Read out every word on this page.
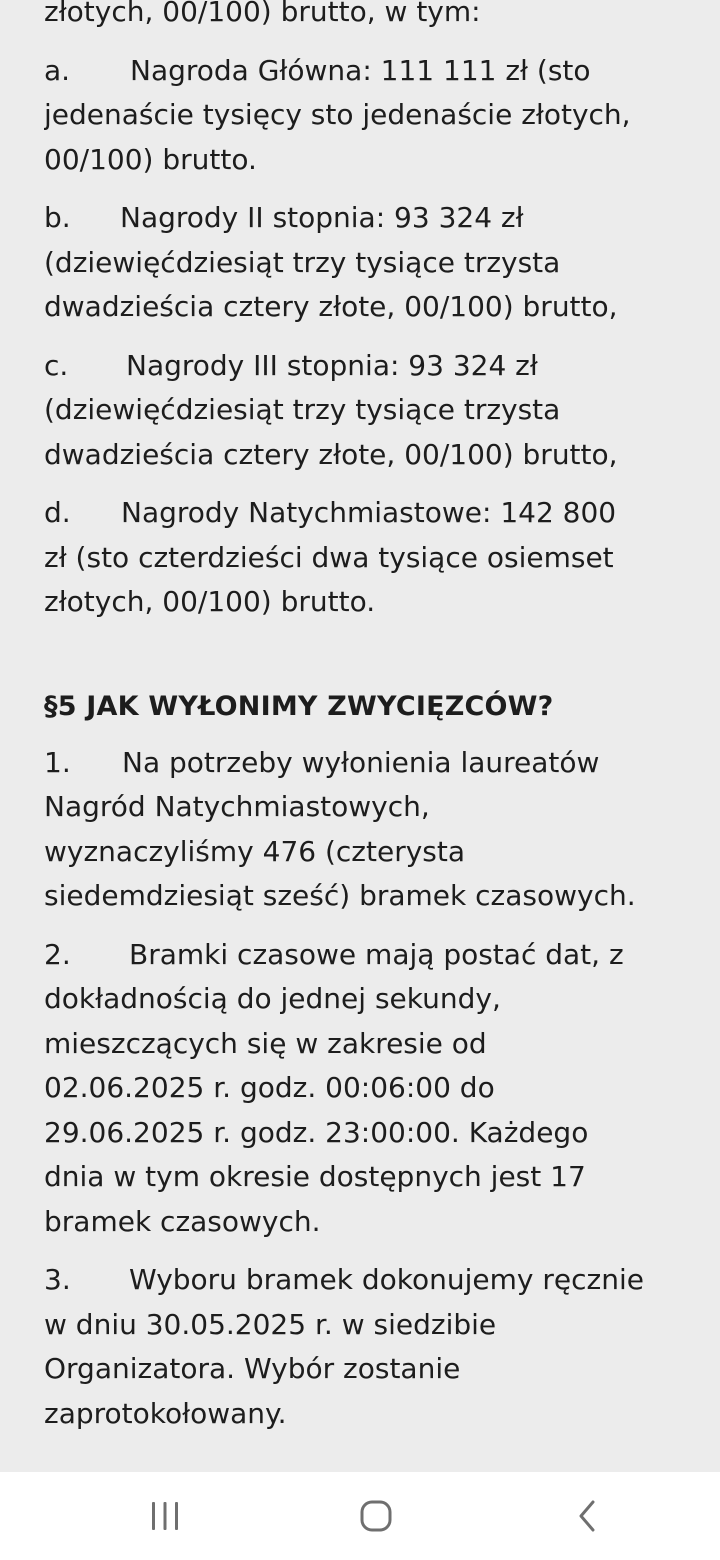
złotych, 00/100) brutto, w tym:

a. Nagroda Główna: 111 111 zł (sto
jedenaście tysięcy sto jedenaście złotych,
00/100) brutto.

b. Nagrody II stopnia: 93 324 zł
(dziewięćdziesiąt trzy tysiące trzysta
dwadzieścia cztery złote, 00/100) brutto,

c. Nagrody III stopnia: 93 324 zł
(dziewięćdziesiąt trzy tysiące trzysta
dwadzieścia cztery złote, 00/100) brutto,

d. Nagrody Natychmiastowe: 142 800
zł (sto czterdzieści dwa tysiące osiemset
złotych, 00/100) brutto.

§5 JAK WYŁONIMY ZWYCIĘZCÓW?

1. Na potrzeby wyłonienia laureatów
Nagród Natychmiastowych,
wyznaczyliśmy 476 (czterysta
siedemdziesiąt sześć) bramek czasowych.

2. Bramki czasowe mają postać dat, z
dokładnością do jednej sekundy,
mieszczących się w zakresie od
02.06.2025 r. godz. 00:06:00 do
29.06.2025 r. godz. 23:00:00. Każdego
dnia w tym okresie dostępnych jest 17
bramek czasowych.

3. Wyboru bramek dokonujemy ręcznie
w dniu 30.05.2025 r. w siedzibie
Organizatora. Wybór zostanie
zaprotokołowany.
